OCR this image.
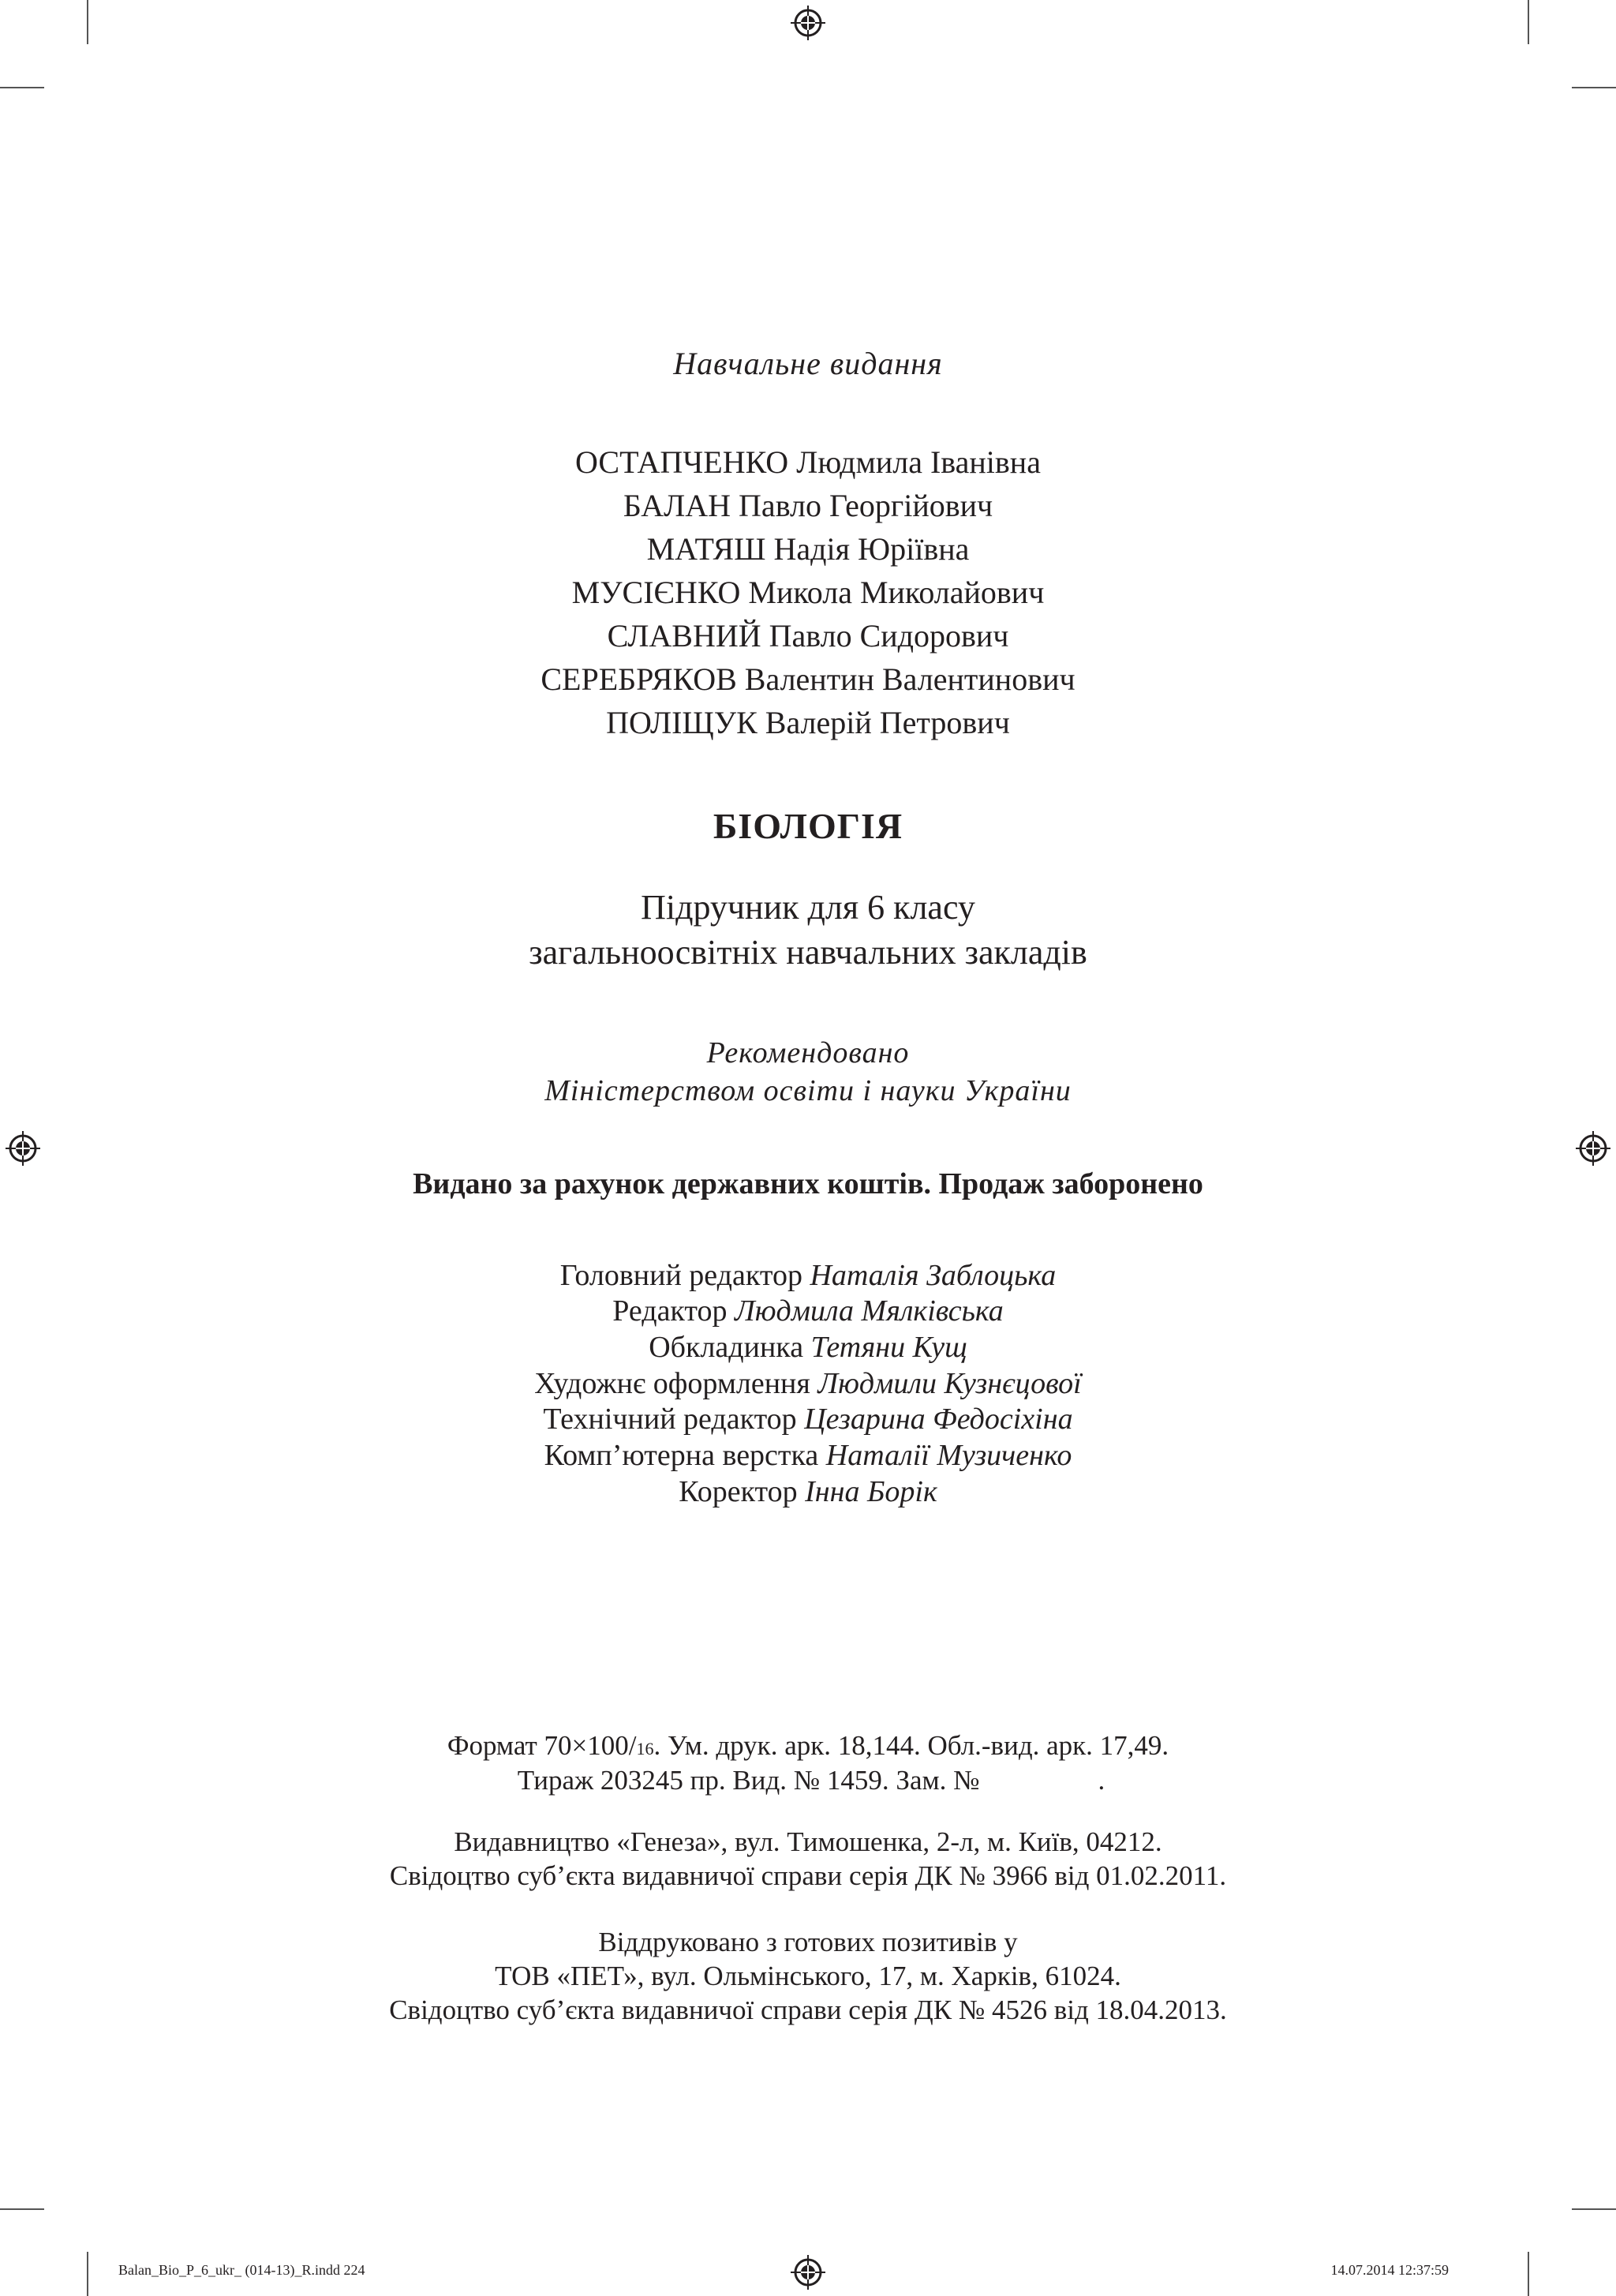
Навчальне видання
ОСТАПЧЕНКО Людмила Іванівна
БАЛАН Павло Георгійович
МАТЯШ Надія Юріївна
МУСІЄНКО Микола Миколайович
СЛАВНИЙ Павло Сидорович
СЕРЕБРЯКОВ Валентин Валентинович
ПОЛІЩУК Валерій Петрович
БІОЛОГІЯ
Підручник для 6 класу
загальноосвітніх навчальних закладів
Рекомендовано
Міністерством освіти і науки України
Видано за рахунок державних коштів. Продаж заборонено
Головний редактор Наталія Заблоцька
Редактор Людмила Мялківська
Обкладинка Тетяни Кущ
Художнє оформлення Людмили Кузнєцової
Технічний редактор Цезарина Федосіхіна
Комп’ютерна верстка Наталії Музиченко
Коректор Інна Борік
Формат 70×100/16. Ум. друк. арк. 18,144. Обл.-вид. арк. 17,49.
Тираж 203245 пр. Вид. № 1459. Зам. №	.
Видавництво «Генеза», вул. Тимошенка, 2-л, м. Київ, 04212.
Свідоцтво суб’єкта видавничої справи серія ДК № 3966 від 01.02.2011.
Віддруковано з готових позитивів у
ТОВ «ПЕТ», вул. Ольмінського, 17, м. Харків, 61024.
Свідоцтво суб’єкта видавничої справи серія ДК № 4526 від 18.04.2013.
Balan_Bio_P_6_ukr_ (014-13)_R.indd 224	14.07.2014 12:37:59
